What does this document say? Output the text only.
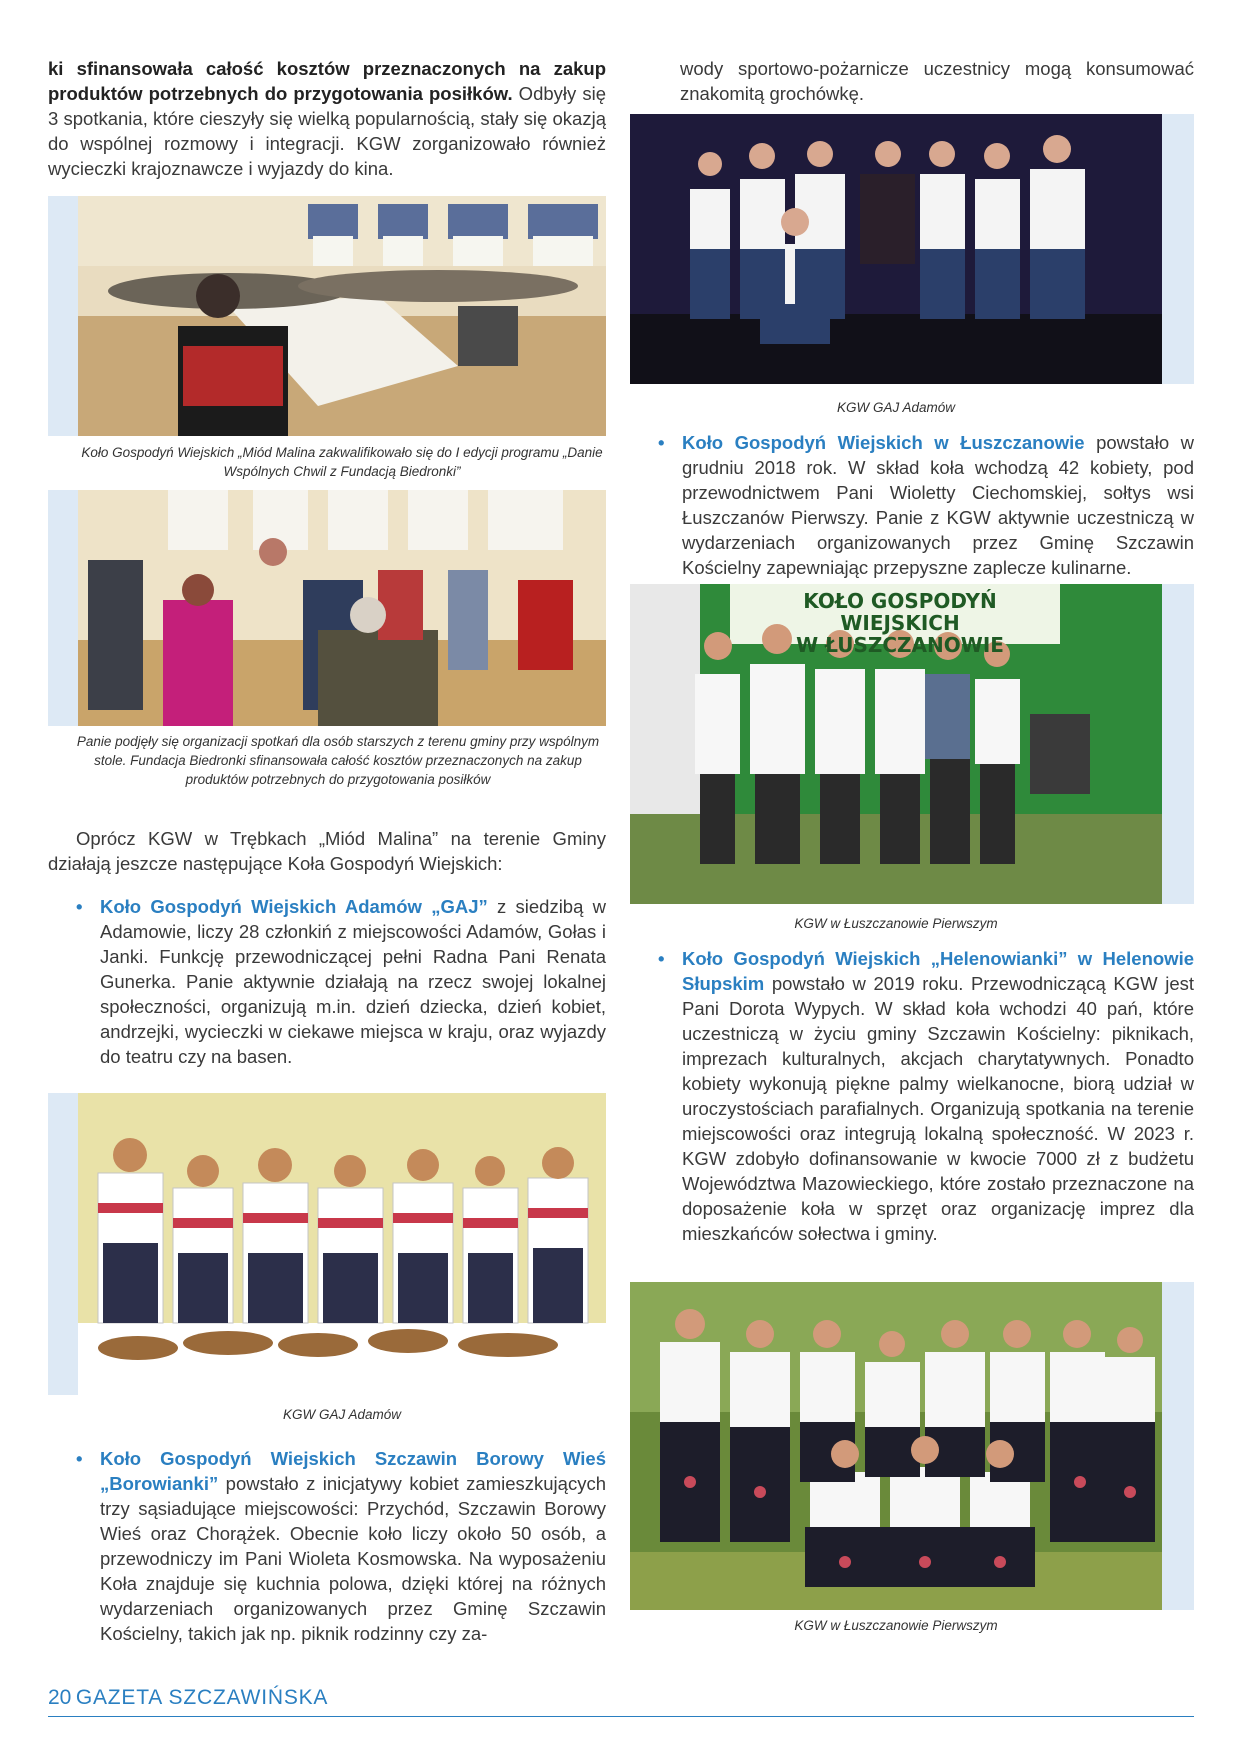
ki sfinansowała całość kosztów przeznaczonych na zakup produktów potrzebnych do przygotowania posiłków. Odbyły się 3 spotkania, które cieszyły się wielką popularnością, stały się okazją do wspólnej rozmowy i integracji. KGW zorganizowało również wycieczki krajoznawcze i wyjazdy do kina.

Koło Gospodyń Wiejskich „Miód Malina zakwalifikowało się do I edycji programu „Danie Wspólnych Chwil z Fundacją Biedronki”
Panie podjęły się organizacji spotkań dla osób starszych z terenu gminy przy wspólnym stole. Fundacja Biedronki sfinansowała całość kosztów przeznaczonych na zakup produktów potrzebnych do przygotowania posiłków

Oprócz KGW w Trębkach „Miód Malina” na terenie Gminy działają jeszcze następujące Koła Gospodyń Wiejskich:

• Koło Gospodyń Wiejskich Adamów „GAJ” z siedzibą w Adamowie, liczy 28 członkiń z miejscowości Adamów, Gołas i Janki. Funkcję przewodniczącej pełni Radna Pani Renata Gunerka. Panie aktywnie działają na rzecz swojej lokalnej społeczności, organizują m.in. dzień dziecka, dzień kobiet, andrzejki, wycieczki w ciekawe miejsca w kraju, oraz wyjazdy do teatru czy na basen.
KGW GAJ Adamów
• Koło Gospodyń Wiejskich Szczawin Borowy Wieś „Borowianki” powstało z inicjatywy kobiet zamieszkujących trzy sąsiadujące miejscowości: Przychód, Szczawin Borowy Wieś oraz Chorążek. Obecnie koło liczy około 50 osób, a przewodniczy im Pani Wioleta Kosmowska. Na wyposażeniu Koła znajduje się kuchnia polowa, dzięki której na różnych wydarzeniach organizowanych przez Gminę Szczawin Kościelny, takich jak np. piknik rodzinny czy za-

wody sportowo-pożarnicze uczestnicy mogą konsumować znakomitą grochówkę.

KGW GAJ Adamów
• Koło Gospodyń Wiejskich w Łuszczanowie powstało w grudniu 2018 rok. W skład koła wchodzą 42 kobiety, pod przewodnictwem Pani Wioletty Ciechomskiej, sołtys wsi Łuszczanów Pierwszy. Panie z KGW aktywnie uczestniczą w wydarzeniach organizowanych przez Gminę Szczawin Kościelny zapewniając przepyszne zaplecze kulinarne.
KOŁO GOSPODYŃ WIEJSKICH
W ŁUSZCZANOWIE
KGW w Łuszczanowie Pierwszym
• Koło Gospodyń Wiejskich „Helenowianki” w Helenowie Słupskim powstało w 2019 roku. Przewodniczącą KGW jest Pani Dorota Wypych. W skład koła wchodzi 40 pań, które uczestniczą w życiu gminy Szczawin Kościelny: piknikach, imprezach kulturalnych, akcjach charytatywnych. Ponadto kobiety wykonują piękne palmy wielkanocne, biorą udział w uroczystościach parafialnych. Organizują spotkania na terenie miejscowości oraz integrują lokalną społeczność. W 2023 r. KGW zdobyło dofinansowanie w kwocie 7000 zł z budżetu Województwa Mazowieckiego, które zostało przeznaczone na doposażenie koła w sprzęt oraz organizację imprez dla mieszkańców sołectwa i gminy.
KGW w Łuszczanowie Pierwszym
20 GAZETA SZCZAWIŃSKA
